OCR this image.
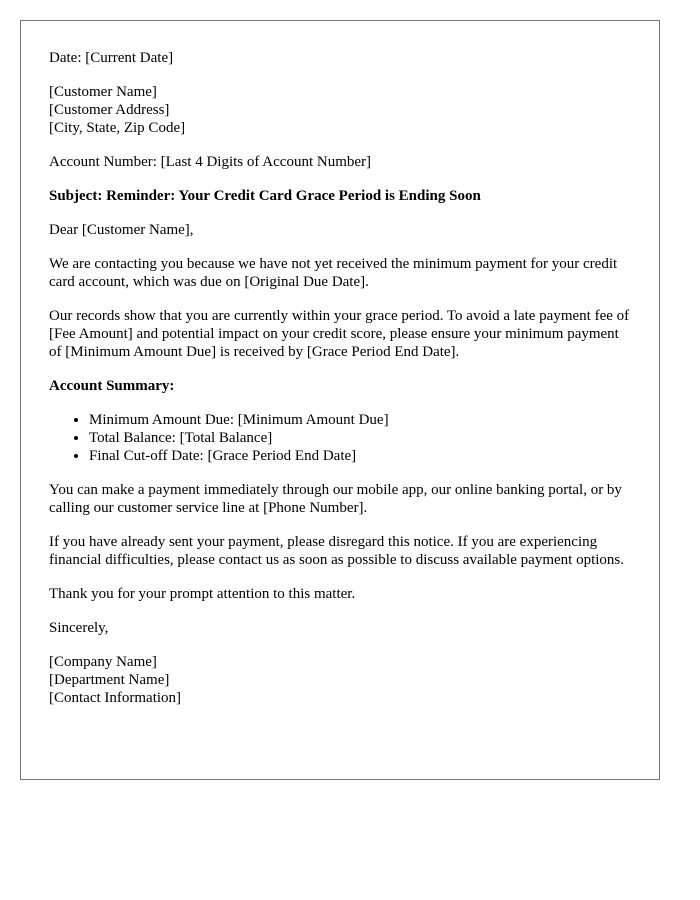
Date: [Current Date]

[Customer Name]
[Customer Address]
[City, State, Zip Code]

Account Number: [Last 4 Digits of Account Number]

Subject: Reminder: Your Credit Card Grace Period is Ending Soon

Dear [Customer Name],

We are contacting you because we have not yet received the minimum payment for your credit card account, which was due on [Original Due Date].

Our records show that you are currently within your grace period. To avoid a late payment fee of [Fee Amount] and potential impact on your credit score, please ensure your minimum payment of [Minimum Amount Due] is received by [Grace Period End Date].

Account Summary:
• Minimum Amount Due: [Minimum Amount Due]
• Total Balance: [Total Balance]
• Final Cut-off Date: [Grace Period End Date]

You can make a payment immediately through our mobile app, our online banking portal, or by calling our customer service line at [Phone Number].

If you have already sent your payment, please disregard this notice. If you are experiencing financial difficulties, please contact us as soon as possible to discuss available payment options.

Thank you for your prompt attention to this matter.

Sincerely,

[Company Name]
[Department Name]
[Contact Information]
